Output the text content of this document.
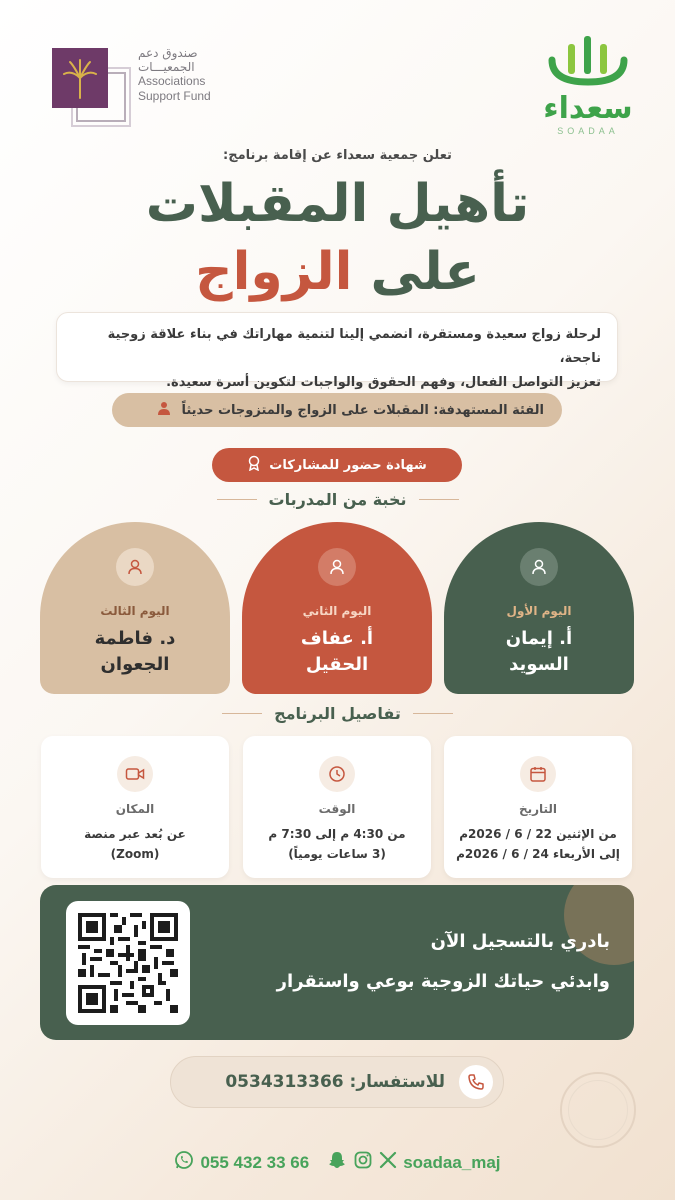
صندوق دعم
الجمعيـــات
Associations
Support Fund	سعداء
SOADAA
تعلن جمعية سعداء عن إقامة برنامج:
تأهيل المقبلات
على الزواج
لرحلة زواج سعيدة ومستقرة، انضمي إلينا لتنمية مهاراتك في بناء علاقة زوجية ناجحة،
تعزيز التواصل الفعال، وفهم الحقوق والواجبات لتكوين أسرة سعيدة.
الفئة المستهدفة: المقبلات على الزواج والمتزوجات حديثاً
شهادة حضور للمشاركات
نخبة من المدربات
اليوم الأول
أ. إيمان
السويد
اليوم الثاني
أ. عفاف
الحقيل
اليوم الثالث
د. فاطمة
الجعوان
تفاصيل البرنامج
التاريخ
من الإثنين 22 / 6 / 2026م
إلى الأربعاء 24 / 6 / 2026م
الوقت
من 4:30 م إلى 7:30 م
(3 ساعات يومياً)
المكان
عن بُعد عبر منصة
(Zoom)
بادري بالتسجيل الآن
وابدئي حياتك الزوجية بوعي واستقرار
للاستفسار: 0534313366
055 432 33 66	soadaa_maj
